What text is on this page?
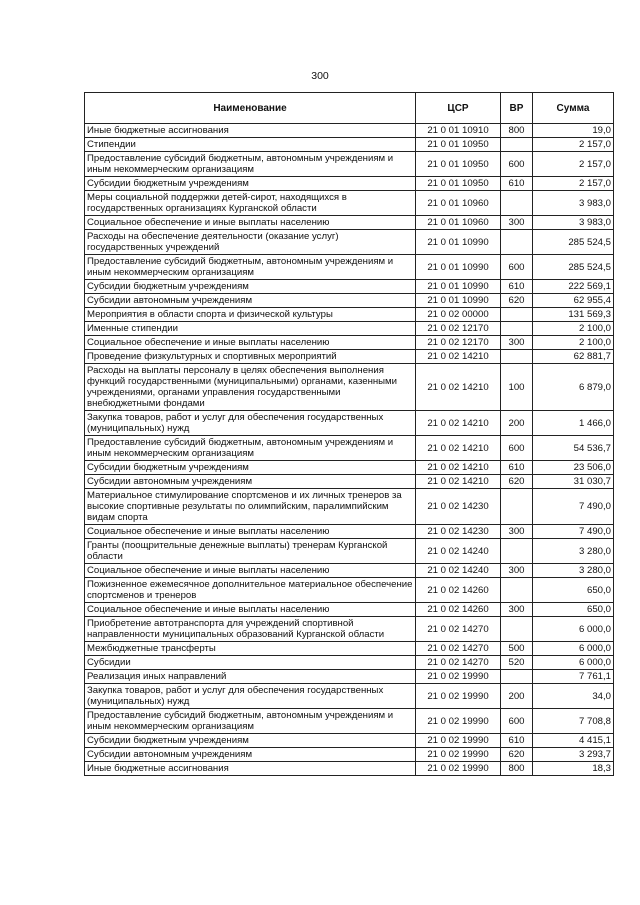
300
Наименование	ЦСР	ВР	Сумма
Иные бюджетные ассигнования	21 0 01 10910	800	19,0
Стипендии	21 0 01 10950		2 157,0
Предоставление субсидий бюджетным, автономным учреждениям и иным некоммерческим организациям	21 0 01 10950	600	2 157,0
Субсидии бюджетным учреждениям	21 0 01 10950	610	2 157,0
Меры социальной поддержки детей-сирот, находящихся в государственных организациях Курганской области	21 0 01 10960		3 983,0
Социальное обеспечение и иные выплаты населению	21 0 01 10960	300	3 983,0
Расходы на обеспечение деятельности (оказание услуг) государственных учреждений	21 0 01 10990		285 524,5
Предоставление субсидий бюджетным, автономным учреждениям и иным некоммерческим организациям	21 0 01 10990	600	285 524,5
Субсидии бюджетным учреждениям	21 0 01 10990	610	222 569,1
Субсидии автономным учреждениям	21 0 01 10990	620	62 955,4
Мероприятия в области спорта и физической культуры	21 0 02 00000		131 569,3
Именные стипендии	21 0 02 12170		2 100,0
Социальное обеспечение и иные выплаты населению	21 0 02 12170	300	2 100,0
Проведение физкультурных и спортивных мероприятий	21 0 02 14210		62 881,7
Расходы на выплаты персоналу в целях обеспечения выполнения функций государственными (муниципальными) органами, казенными учреждениями, органами управления государственными внебюджетными фондами	21 0 02 14210	100	6 879,0
Закупка товаров, работ и услуг для обеспечения государственных (муниципальных) нужд	21 0 02 14210	200	1 466,0
Предоставление субсидий бюджетным, автономным учреждениям и иным некоммерческим организациям	21 0 02 14210	600	54 536,7
Субсидии бюджетным учреждениям	21 0 02 14210	610	23 506,0
Субсидии автономным учреждениям	21 0 02 14210	620	31 030,7
Материальное стимулирование спортсменов и их личных тренеров за высокие спортивные результаты по олимпийским, паралимпийским видам спорта	21 0 02 14230		7 490,0
Социальное обеспечение и иные выплаты населению	21 0 02 14230	300	7 490,0
Гранты (поощрительные денежные выплаты) тренерам Курганской области	21 0 02 14240		3 280,0
Социальное обеспечение и иные выплаты населению	21 0 02 14240	300	3 280,0
Пожизненное ежемесячное дополнительное материальное обеспечение спортсменов и тренеров	21 0 02 14260		650,0
Социальное обеспечение и иные выплаты населению	21 0 02 14260	300	650,0
Приобретение автотранспорта для учреждений спортивной направленности муниципальных образований Курганской области	21 0 02 14270		6 000,0
Межбюджетные трансферты	21 0 02 14270	500	6 000,0
Субсидии	21 0 02 14270	520	6 000,0
Реализация иных направлений	21 0 02 19990		7 761,1
Закупка товаров, работ и услуг для обеспечения государственных (муниципальных) нужд	21 0 02 19990	200	34,0
Предоставление субсидий бюджетным, автономным учреждениям и иным некоммерческим организациям	21 0 02 19990	600	7 708,8
Субсидии бюджетным учреждениям	21 0 02 19990	610	4 415,1
Субсидии автономным учреждениям	21 0 02 19990	620	3 293,7
Иные бюджетные ассигнования	21 0 02 19990	800	18,3
